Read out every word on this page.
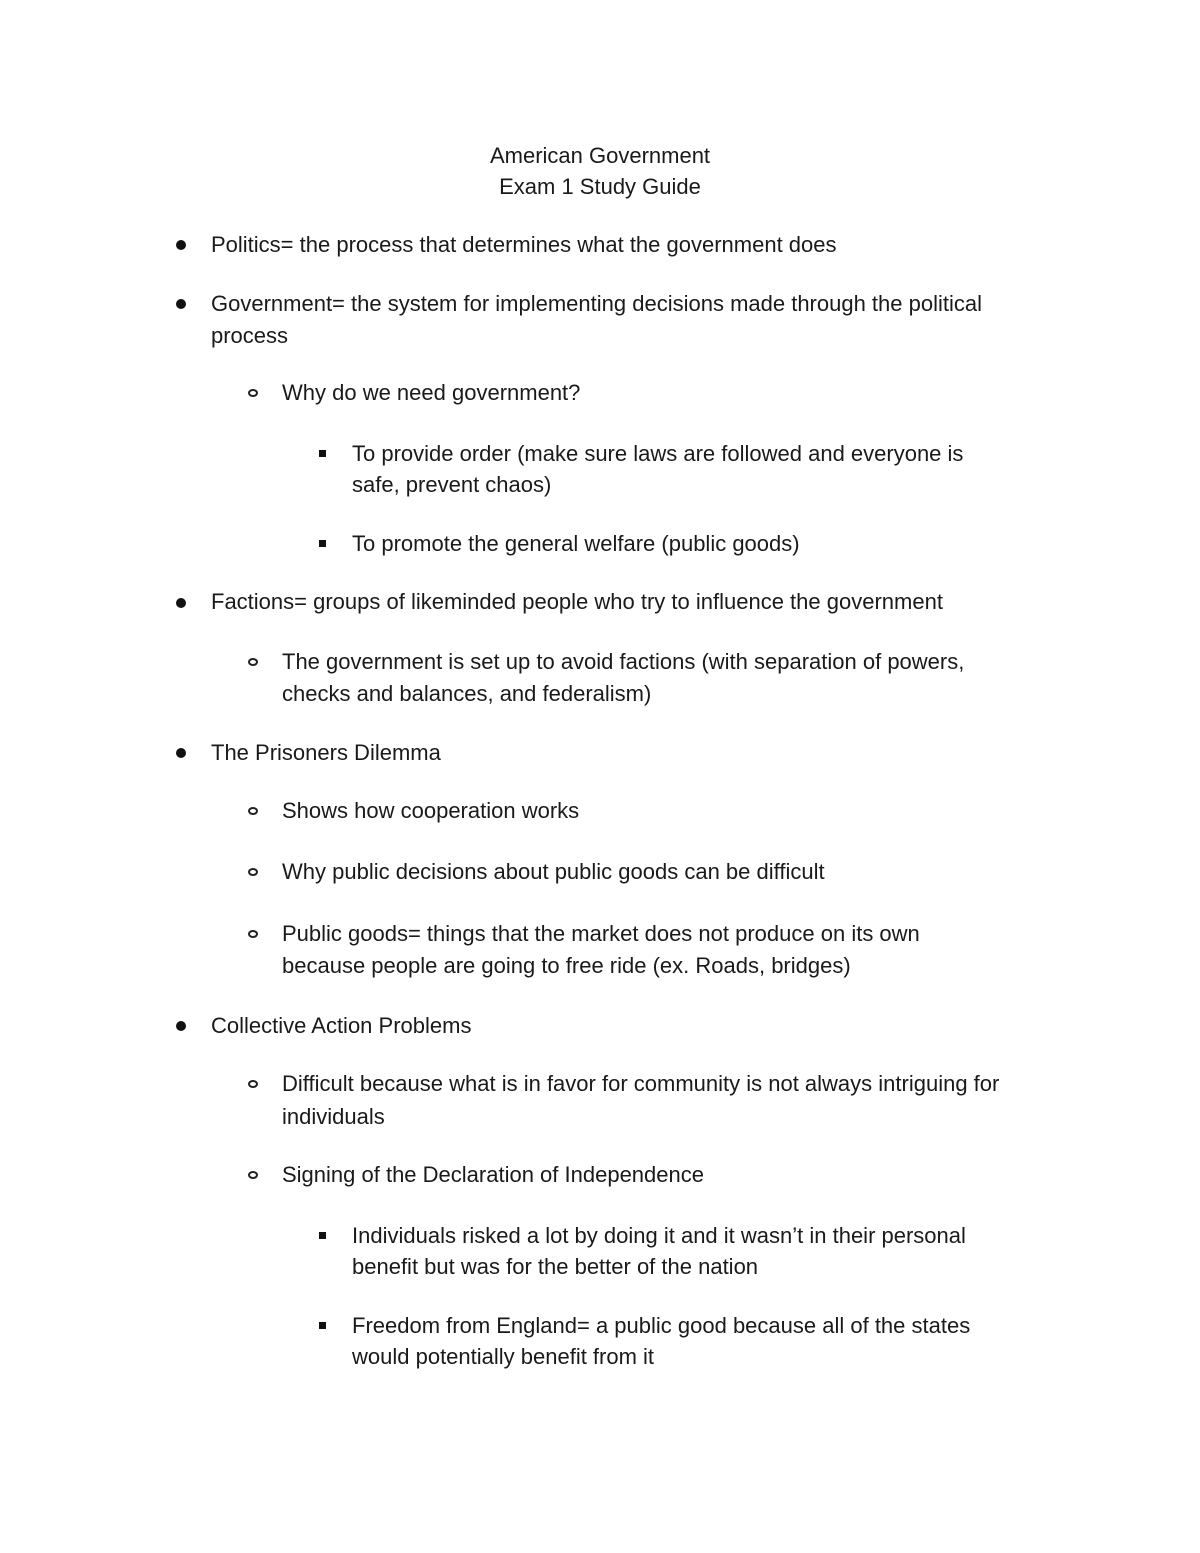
American Government
Exam 1 Study Guide
Politics= the process that determines what the government does
Government= the system for implementing decisions made through the political
process
Why do we need government?
To provide order (make sure laws are followed and everyone is
safe, prevent chaos)
To promote the general welfare (public goods)
Factions= groups of likeminded people who try to influence the government
The government is set up to avoid factions (with separation of powers,
checks and balances, and federalism)
The Prisoners Dilemma
Shows how cooperation works
Why public decisions about public goods can be difficult
Public goods= things that the market does not produce on its own
because people are going to free ride (ex. Roads, bridges)
Collective Action Problems
Difficult because what is in favor for community is not always intriguing for
individuals
Signing of the Declaration of Independence
Individuals risked a lot by doing it and it wasn’t in their personal
benefit but was for the better of the nation
Freedom from England= a public good because all of the states
would potentially benefit from it
